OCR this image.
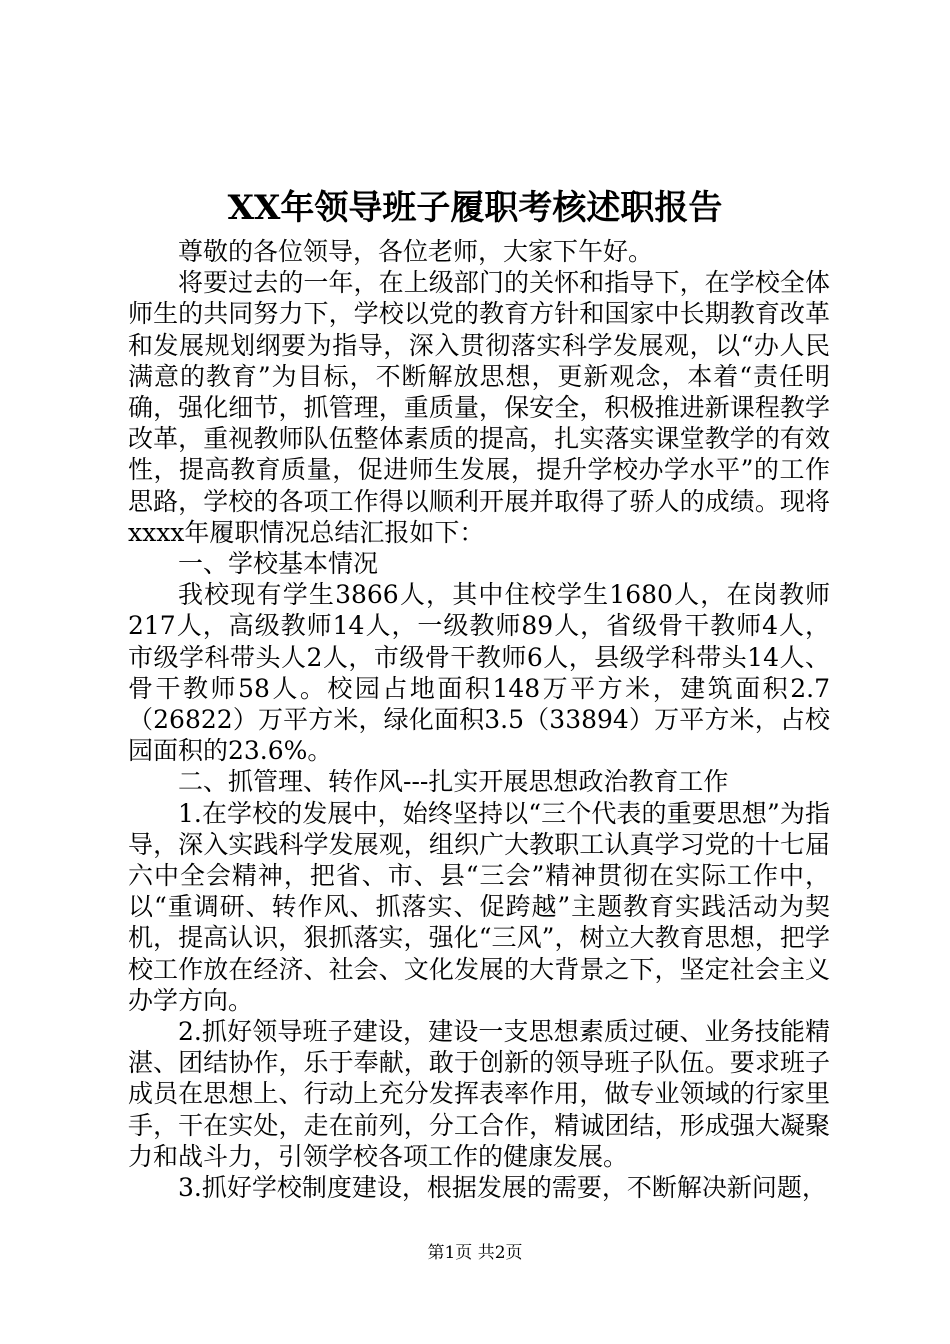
XX年领导班子履职考核述职报告

尊敬的各位领导，各位老师，大家下午好。

将要过去的一年，在上级部门的关怀和指导下，在学校全体师生的共同努力下，学校以党的教育方针和国家中长期教育改革和发展规划纲要为指导，深入贯彻落实科学发展观，以“办人民满意的教育”为目标，不断解放思想，更新观念，本着“责任明确，强化细节，抓管理，重质量，保安全，积极推进新课程教学改革，重视教师队伍整体素质的提高，扎实落实课堂教学的有效性，提高教育质量，促进师生发展，提升学校办学水平”的工作思路，学校的各项工作得以顺利开展并取得了骄人的成绩。现将xxxx年履职情况总结汇报如下：

一、学校基本情况

我校现有学生3866人，其中住校学生1680人，在岗教师217人，高级教师14人，一级教师89人，省级骨干教师4人，市级学科带头人2人，市级骨干教师6人，县级学科带头14人、骨干教师58人。校园占地面积148万平方米，建筑面积2.7（26822）万平方米，绿化面积3.5（33894）万平方米，占校园面积的23.6%。

二、抓管理、转作风---扎实开展思想政治教育工作

1.在学校的发展中，始终坚持以“三个代表的重要思想”为指导，深入实践科学发展观，组织广大教职工认真学习党的十七届六中全会精神，把省、市、县“三会”精神贯彻在实际工作中，以“重调研、转作风、抓落实、促跨越”主题教育实践活动为契机，提高认识，狠抓落实，强化“三风”，树立大教育思想，把学校工作放在经济、社会、文化发展的大背景之下，坚定社会主义办学方向。

2.抓好领导班子建设，建设一支思想素质过硬、业务技能精湛、团结协作，乐于奉献，敢于创新的领导班子队伍。要求班子成员在思想上、行动上充分发挥表率作用，做专业领域的行家里手，干在实处，走在前列，分工合作，精诚团结，形成强大凝聚力和战斗力，引领学校各项工作的健康发展。

3.抓好学校制度建设，根据发展的需要，不断解决新问题，

第1页 共2页
